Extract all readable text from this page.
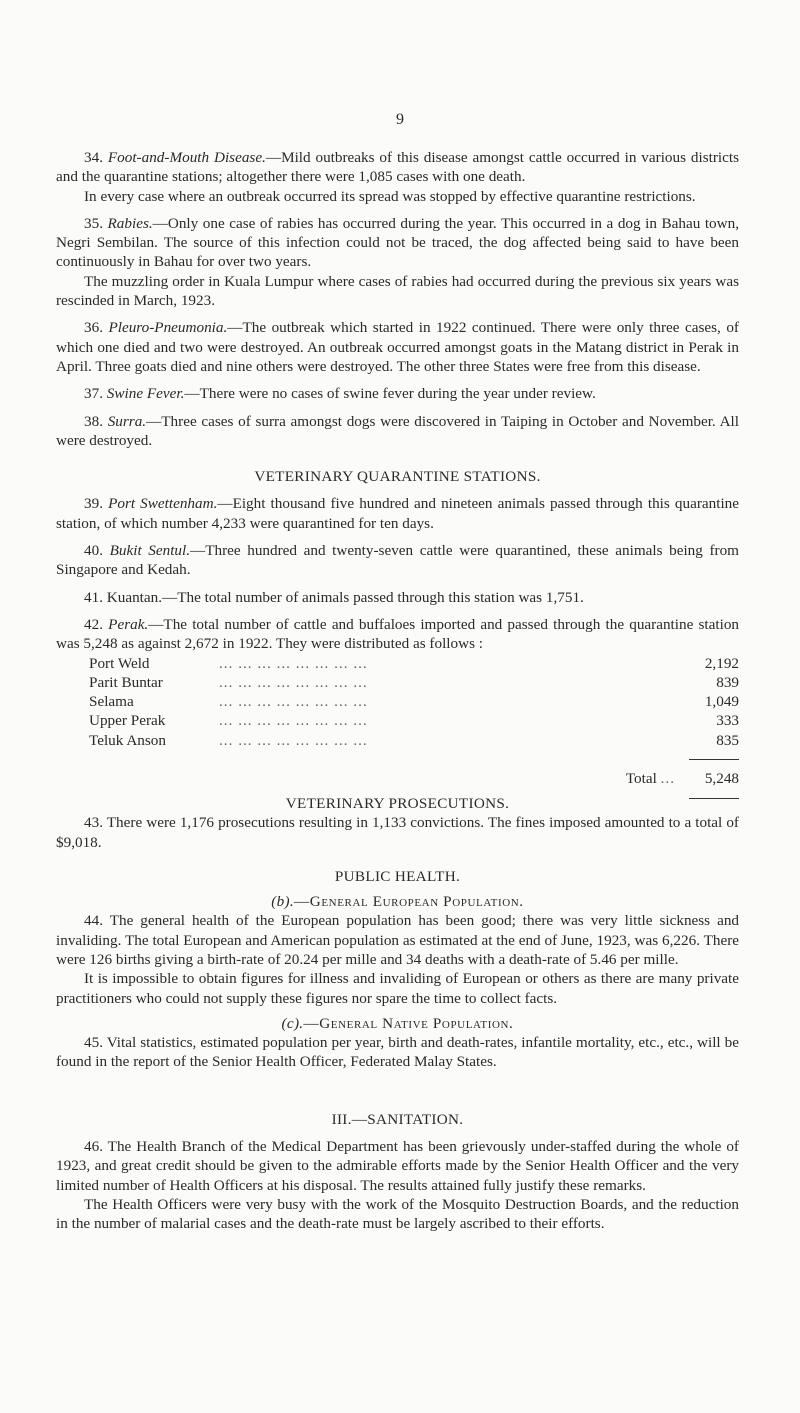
9

34. Foot-and-Mouth Disease.—Mild outbreaks of this disease amongst cattle occurred in various districts and the quarantine stations; altogether there were 1,085 cases with one death.

In every case where an outbreak occurred its spread was stopped by effective quarantine restrictions.

35. Rabies.—Only one case of rabies has occurred during the year. This occurred in a dog in Bahau town, Negri Sembilan. The source of this infection could not be traced, the dog affected being said to have been continuously in Bahau for over two years.

The muzzling order in Kuala Lumpur where cases of rabies had occurred during the previous six years was rescinded in March, 1923.

36. Pleuro-Pneumonia.—The outbreak which started in 1922 continued. There were only three cases, of which one died and two were destroyed. An outbreak occurred amongst goats in the Matang district in Perak in April. Three goats died and nine others were destroyed. The other three States were free from this disease.

37. Swine Fever.—There were no cases of swine fever during the year under review.

38. Surra.—Three cases of surra amongst dogs were discovered in Taiping in October and November. All were destroyed.

VETERINARY QUARANTINE STATIONS.

39. Port Swettenham.—Eight thousand five hundred and nineteen animals passed through this quarantine station, of which number 4,233 were quarantined for ten days.

40. Bukit Sentul.—Three hundred and twenty-seven cattle were quarantined, these animals being from Singapore and Kedah.

41. Kuantan.—The total number of animals passed through this station was 1,751.

42. Perak.—The total number of cattle and buffaloes imported and passed through the quarantine station was 5,248 as against 2,672 in 1922. They were distributed as follows :

Port Weld	... ... ... ... ... ... ... ...	2,192
Parit Buntar	... ... ... ... ... ... ... ...	839
Selama	... ... ... ... ... ... ... ...	1,049
Upper Perak	... ... ... ... ... ... ... ...	333
Teluk Anson	... ... ... ... ... ... ... ...	835

	Total ...	5,248

VETERINARY PROSECUTIONS.

43. There were 1,176 prosecutions resulting in 1,133 convictions. The fines imposed amounted to a total of $9,018.

PUBLIC HEALTH.

(b).—General European Population.

44. The general health of the European population has been good; there was very little sickness and invaliding. The total European and American population as estimated at the end of June, 1923, was 6,226. There were 126 births giving a birth-rate of 20.24 per mille and 34 deaths with a death-rate of 5.46 per mille.

It is impossible to obtain figures for illness and invaliding of European or others as there are many private practitioners who could not supply these figures nor spare the time to collect facts.

(c).—General Native Population.

45. Vital statistics, estimated population per year, birth and death-rates, infantile mortality, etc., etc., will be found in the report of the Senior Health Officer, Federated Malay States.

III.—SANITATION.

46. The Health Branch of the Medical Department has been grievously under-staffed during the whole of 1923, and great credit should be given to the admirable efforts made by the Senior Health Officer and the very limited number of Health Officers at his disposal. The results attained fully justify these remarks.

The Health Officers were very busy with the work of the Mosquito Destruction Boards, and the reduction in the number of malarial cases and the death-rate must be largely ascribed to their efforts.
